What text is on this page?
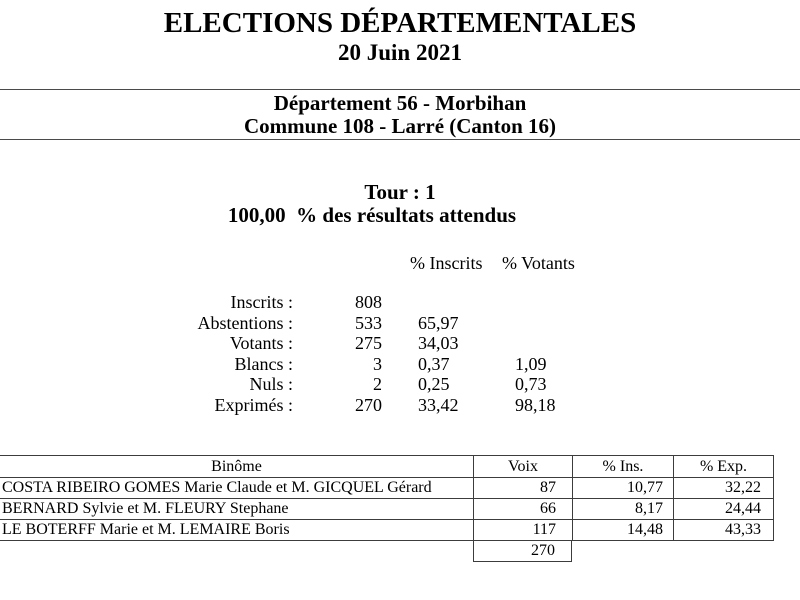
ELECTIONS DÉPARTEMENTALES
20 Juin 2021
Département 56 - Morbihan
Commune 108 - Larré (Canton 16)
Tour : 1
100,00  % des résultats attendus
% Inscrits % Votants
Inscrits :	808
Abstentions :	533 65,97
Votants :	275 34,03
Blancs :	3 0,37	1,09
Nuls :	2 0,25	0,73
Exprimés :	270 33,42	98,18
Binôme	Voix	% Ins.	% Exp.
COSTA RIBEIRO GOMES Marie Claude et M. GICQUEL Gérard	87	10,77	32,22
BERNARD Sylvie et M. FLEURY Stephane	66	8,17	24,44
LE BOTERFF Marie et M. LEMAIRE Boris	117	14,48	43,33
270
